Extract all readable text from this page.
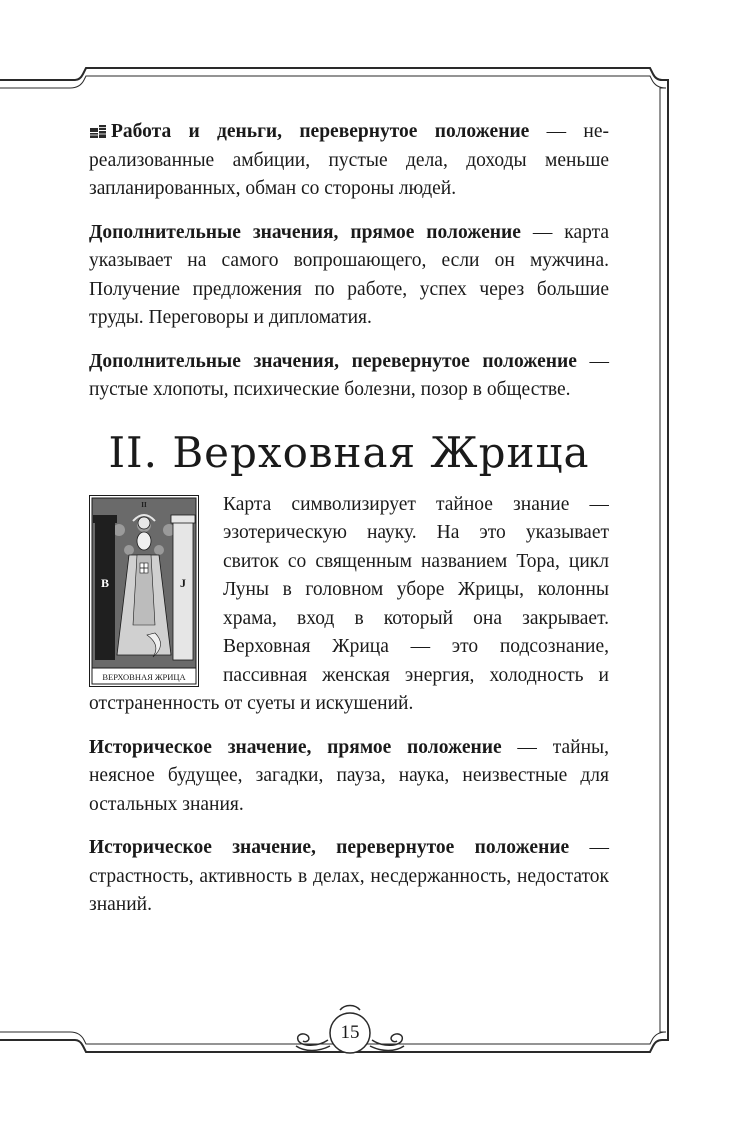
Работа и деньги, перевернутое положение — нереализованные амбиции, пустые дела, доходы меньше запланированных, обман со стороны людей.

Дополнительные значения, прямое положение — карта указывает на самого вопрошающего, если он мужчина. Получение предложения по работе, успех через большие труды. Переговоры и дипломатия.

Дополнительные значения, перевернутое положение — пустые хлопоты, психические болезни, позор в обществе.

II. Верховная Жрица
B	J
II
ВЕРХОВНАЯ ЖРИЦА

Карта символизирует тайное знание — эзотерическую науку. На это указывает свиток со священным названием Тора, цикл Луны в головном уборе Жрицы, колонны храма, вход в который она закрывает. Верховная Жрица — это подсознание, пассивная женская энергия, холодность и отстраненность от суеты и искушений.

Историческое значение, прямое положение — тайны, неясное будущее, загадки, пауза, наука, неизвестные для остальных знания.

Историческое значение, перевернутое положение — страстность, активность в делах, несдержанность, недостаток знаний.

15
